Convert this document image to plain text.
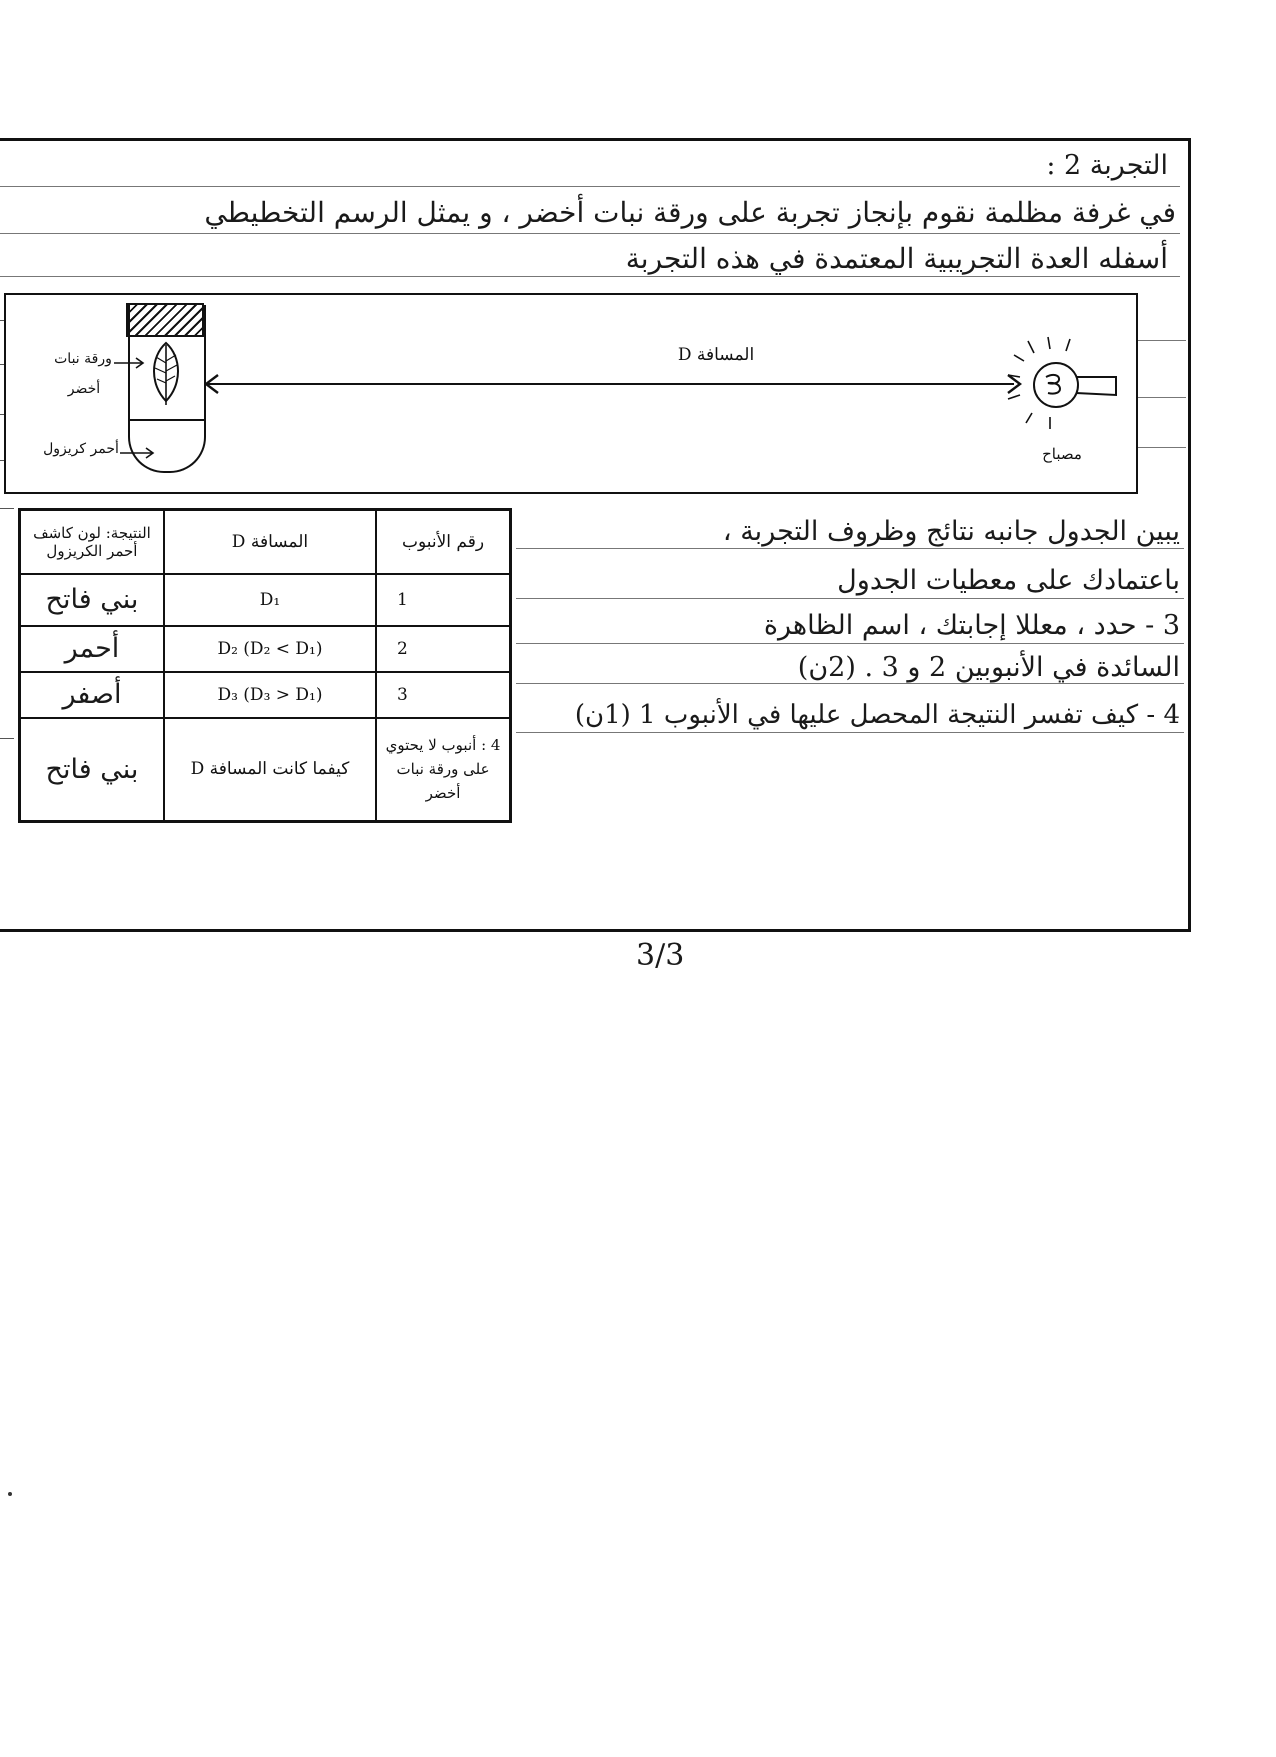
التجربة 2 :
في غرفة مظلمة نقوم بإنجاز تجربة على ورقة نبات أخضر ، و يمثل الرسم التخطيطي
أسفله العدة التجريبية المعتمدة في هذه التجربة
ورقة نبات
أخضر
أحمر كريزول
المسافة D
مصباح
النتيجة: لون كاشف أحمر الكريزول	المسافة D	رقم الأنبوب
بني فاتح	D₁	1
أحمر	D₂ (D₂ < D₁)	2
أصفر	D₃ (D₃ > D₁)	3
بني فاتح	كيفما كانت المسافة D	4 : أنبوب لا يحتوي على ورقة نبات أخضر
يبين الجدول جانبه نتائج وظروف التجربة ،
باعتمادك على معطيات الجدول
3 - حدد ، معللا إجابتك ، اسم الظاهرة
السائدة في الأنبوبين 2 و 3 . (2ن)
4 - كيف تفسر النتيجة المحصل عليها في الأنبوب 1 (1ن)
3/3
